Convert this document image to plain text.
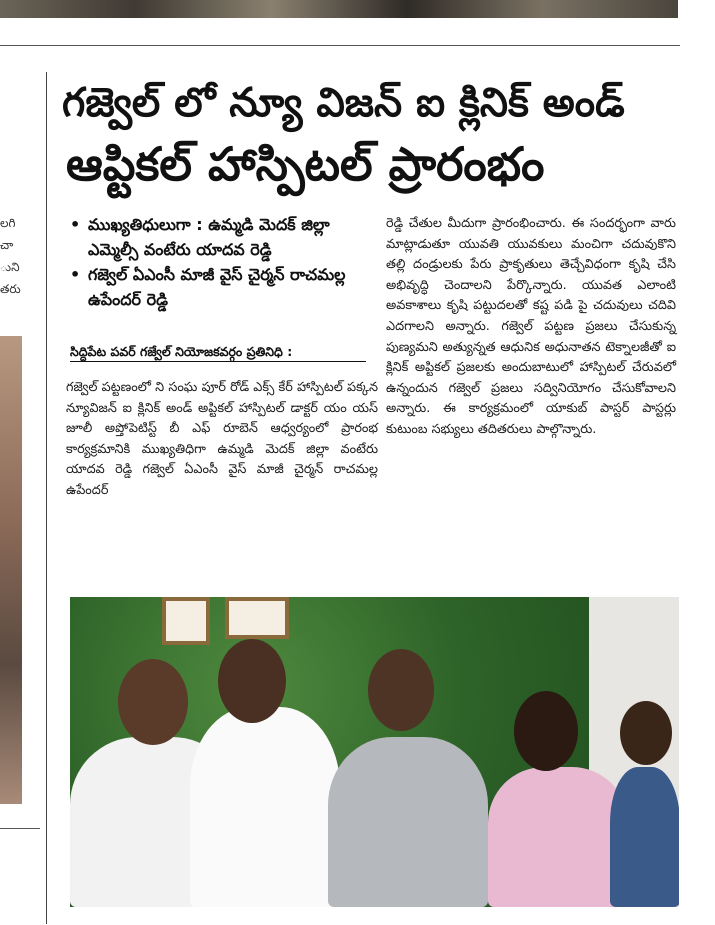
లగి
చా
ుని
తరు
గజ్వెల్ లో న్యూ విజన్ ఐ క్లినిక్ అండ్
ఆప్టికల్ హాస్పిటల్ ప్రారంభం
• ముఖ్యతిధులుగా : ఉమ్మడి మెదక్ జిల్లా ఎమ్మెల్సీ వంటేరు యాదవ రెడ్డి
• గజ్వెల్ ఏఎంసీ మాజీ వైస్ చైర్మన్ రాచమల్ల ఉపేందర్ రెడ్డి
సిద్దిపేట పవర్ గజ్వేల్ నియోజకవర్గం ప్రతినిధి :

గజ్వెల్ పట్టణంలో ని సంఘ పూర్ రోడ్ ఎక్స్ కేర్ హాస్పిటల్ పక్కన న్యూవిజన్ ఐ క్లినిక్ అండ్ అప్టికల్ హాస్పిటల్ డాక్టర్ యం యస్ జూలీ అప్తోపెటిస్ట్ బీ ఎఫ్ రూబెన్ ఆధ్వర్యంలో ప్రారంభ కార్యక్రమానికి ముఖ్యతిధిగా ఉమ్మడి మెదక్ జిల్లా వంటేరు యాదవ రెడ్డి గజ్వెల్ ఏఎంసీ వైస్ మాజీ చైర్మన్ రాచమల్ల ఉపేందర్

రెడ్డి చేతుల మీదుగా ప్రారంభించారు. ఈ సందర్భంగా వారు మాట్లాడుతూ యువతి యువకులు మంచిగా చదువుకొని తల్లి దండ్రులకు పేరు ప్రాకృతులు తెచ్చేవిధంగా కృషి చేసి అభివృద్ధి చెందాలని పేర్కొన్నారు. యువత ఎలాంటి అవకాశాలు కృషి పట్టుదలతో కష్ట పడి పై చదువులు చదివి ఎదగాలని అన్నారు. గజ్వెల్ పట్టణ ప్రజలు చేసుకున్న పుణ్యమని అత్యున్నత ఆధునిక అధునాతన టెక్నాలజీతో ఐ క్లినిక్ అప్టికల్ ప్రజలకు అందుబాటులో హాస్పిటల్ చేరువలో ఉన్నందున గజ్వెల్ ప్రజలు సద్వినియోగం చేసుకోవాలని అన్నారు. ఈ కార్యక్రమంలో యాకుబ్ పాస్టర్ పాస్టర్లు కుటుంబ సభ్యులు తదితరులు పాల్గొన్నారు.
